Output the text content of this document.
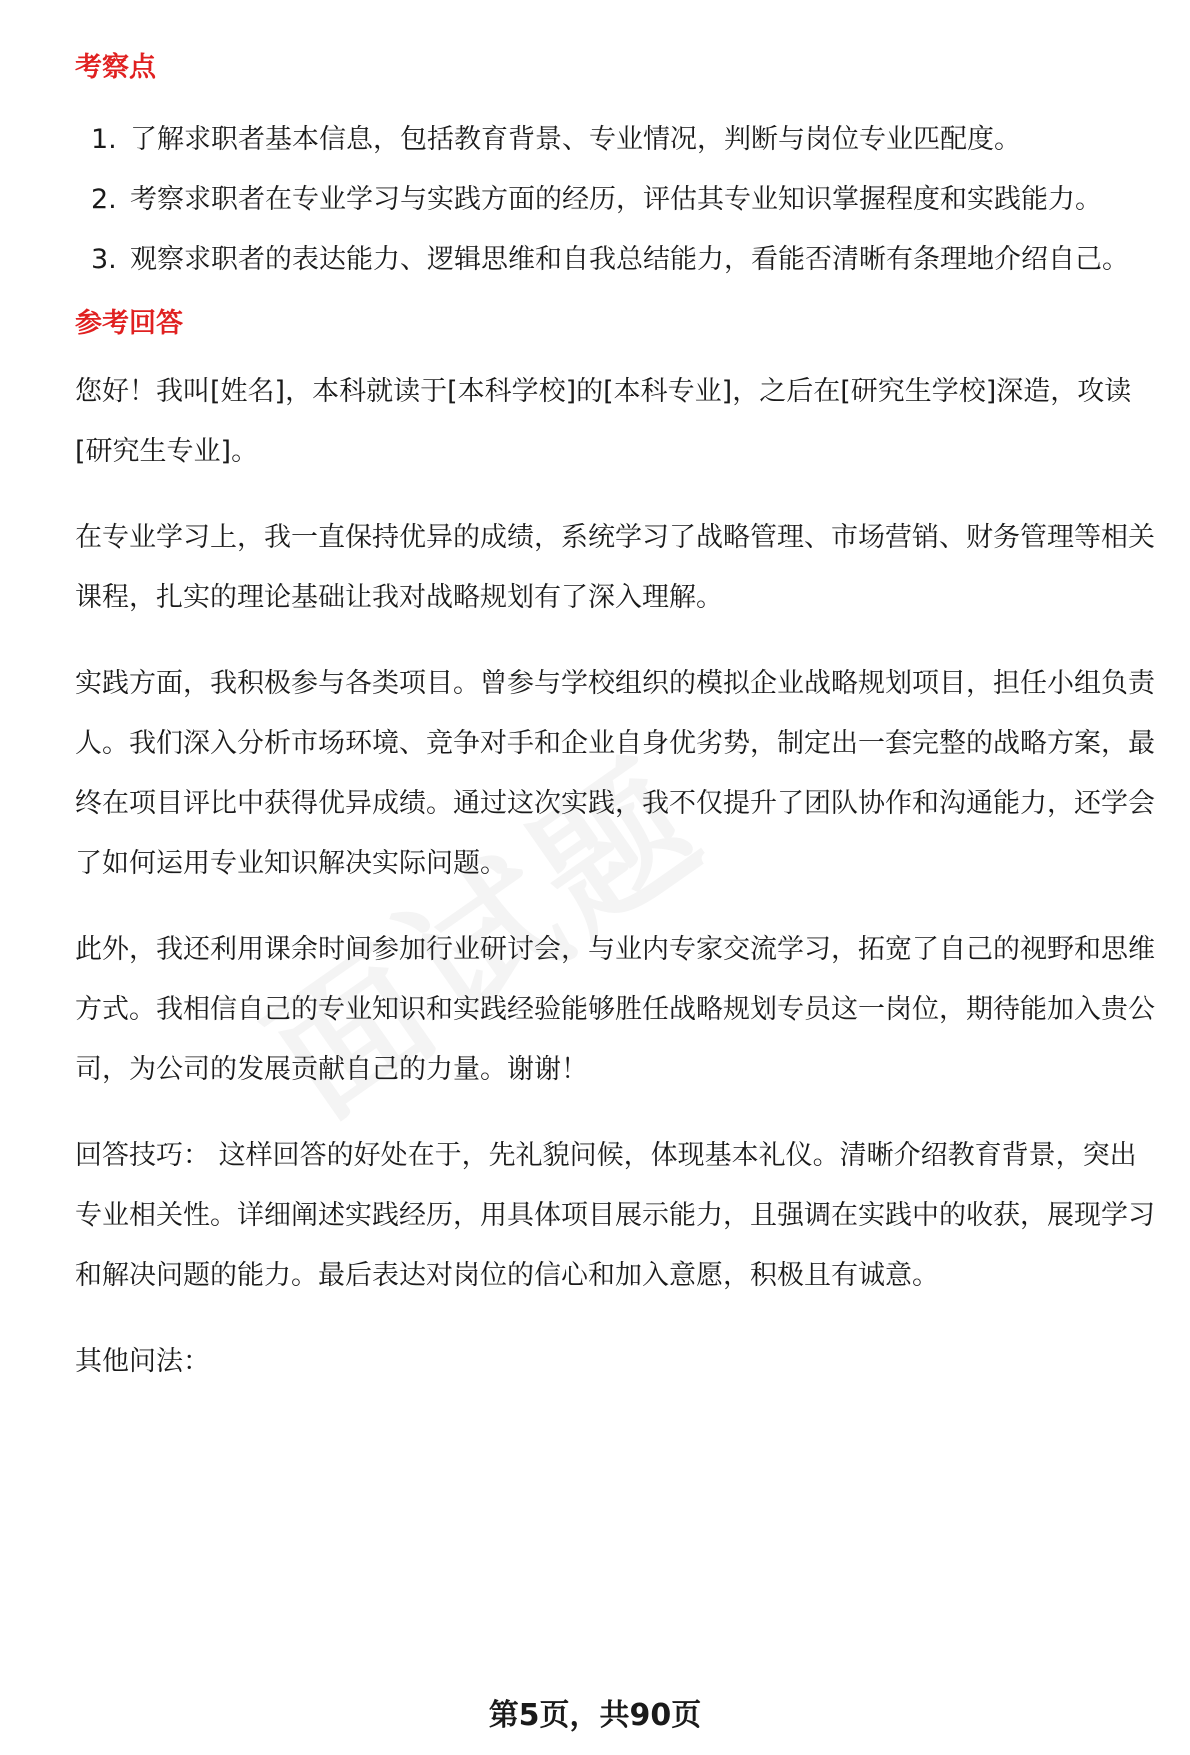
考察点
1. 了解求职者基本信息，包括教育背景、专业情况，判断与岗位专业匹配度。
2. 考察求职者在专业学习与实践方面的经历，评估其专业知识掌握程度和实践能力。
3. 观察求职者的表达能力、逻辑思维和自我总结能力，看能否清晰有条理地介绍自己。
参考回答

您好！我叫[姓名]，本科就读于[本科学校]的[本科专业]，之后在[研究生学校]深造，攻读[研究生专业]。

在专业学习上，我一直保持优异的成绩，系统学习了战略管理、市场营销、财务管理等相关课程，扎实的理论基础让我对战略规划有了深入理解。

实践方面，我积极参与各类项目。曾参与学校组织的模拟企业战略规划项目，担任小组负责人。我们深入分析市场环境、竞争对手和企业自身优劣势，制定出一套完整的战略方案，最终在项目评比中获得优异成绩。通过这次实践，我不仅提升了团队协作和沟通能力，还学会了如何运用专业知识解决实际问题。

此外，我还利用课余时间参加行业研讨会，与业内专家交流学习，拓宽了自己的视野和思维方式。我相信自己的专业知识和实践经验能够胜任战略规划专员这一岗位，期待能加入贵公司，为公司的发展贡献自己的力量。谢谢！

回答技巧： 这样回答的好处在于，先礼貌问候，体现基本礼仪。清晰介绍教育背景，突出专业相关性。详细阐述实践经历，用具体项目展示能力，且强调在实践中的收获，展现学习和解决问题的能力。最后表达对岗位的信心和加入意愿，积极且有诚意。

其他问法：

第5页，共90页
